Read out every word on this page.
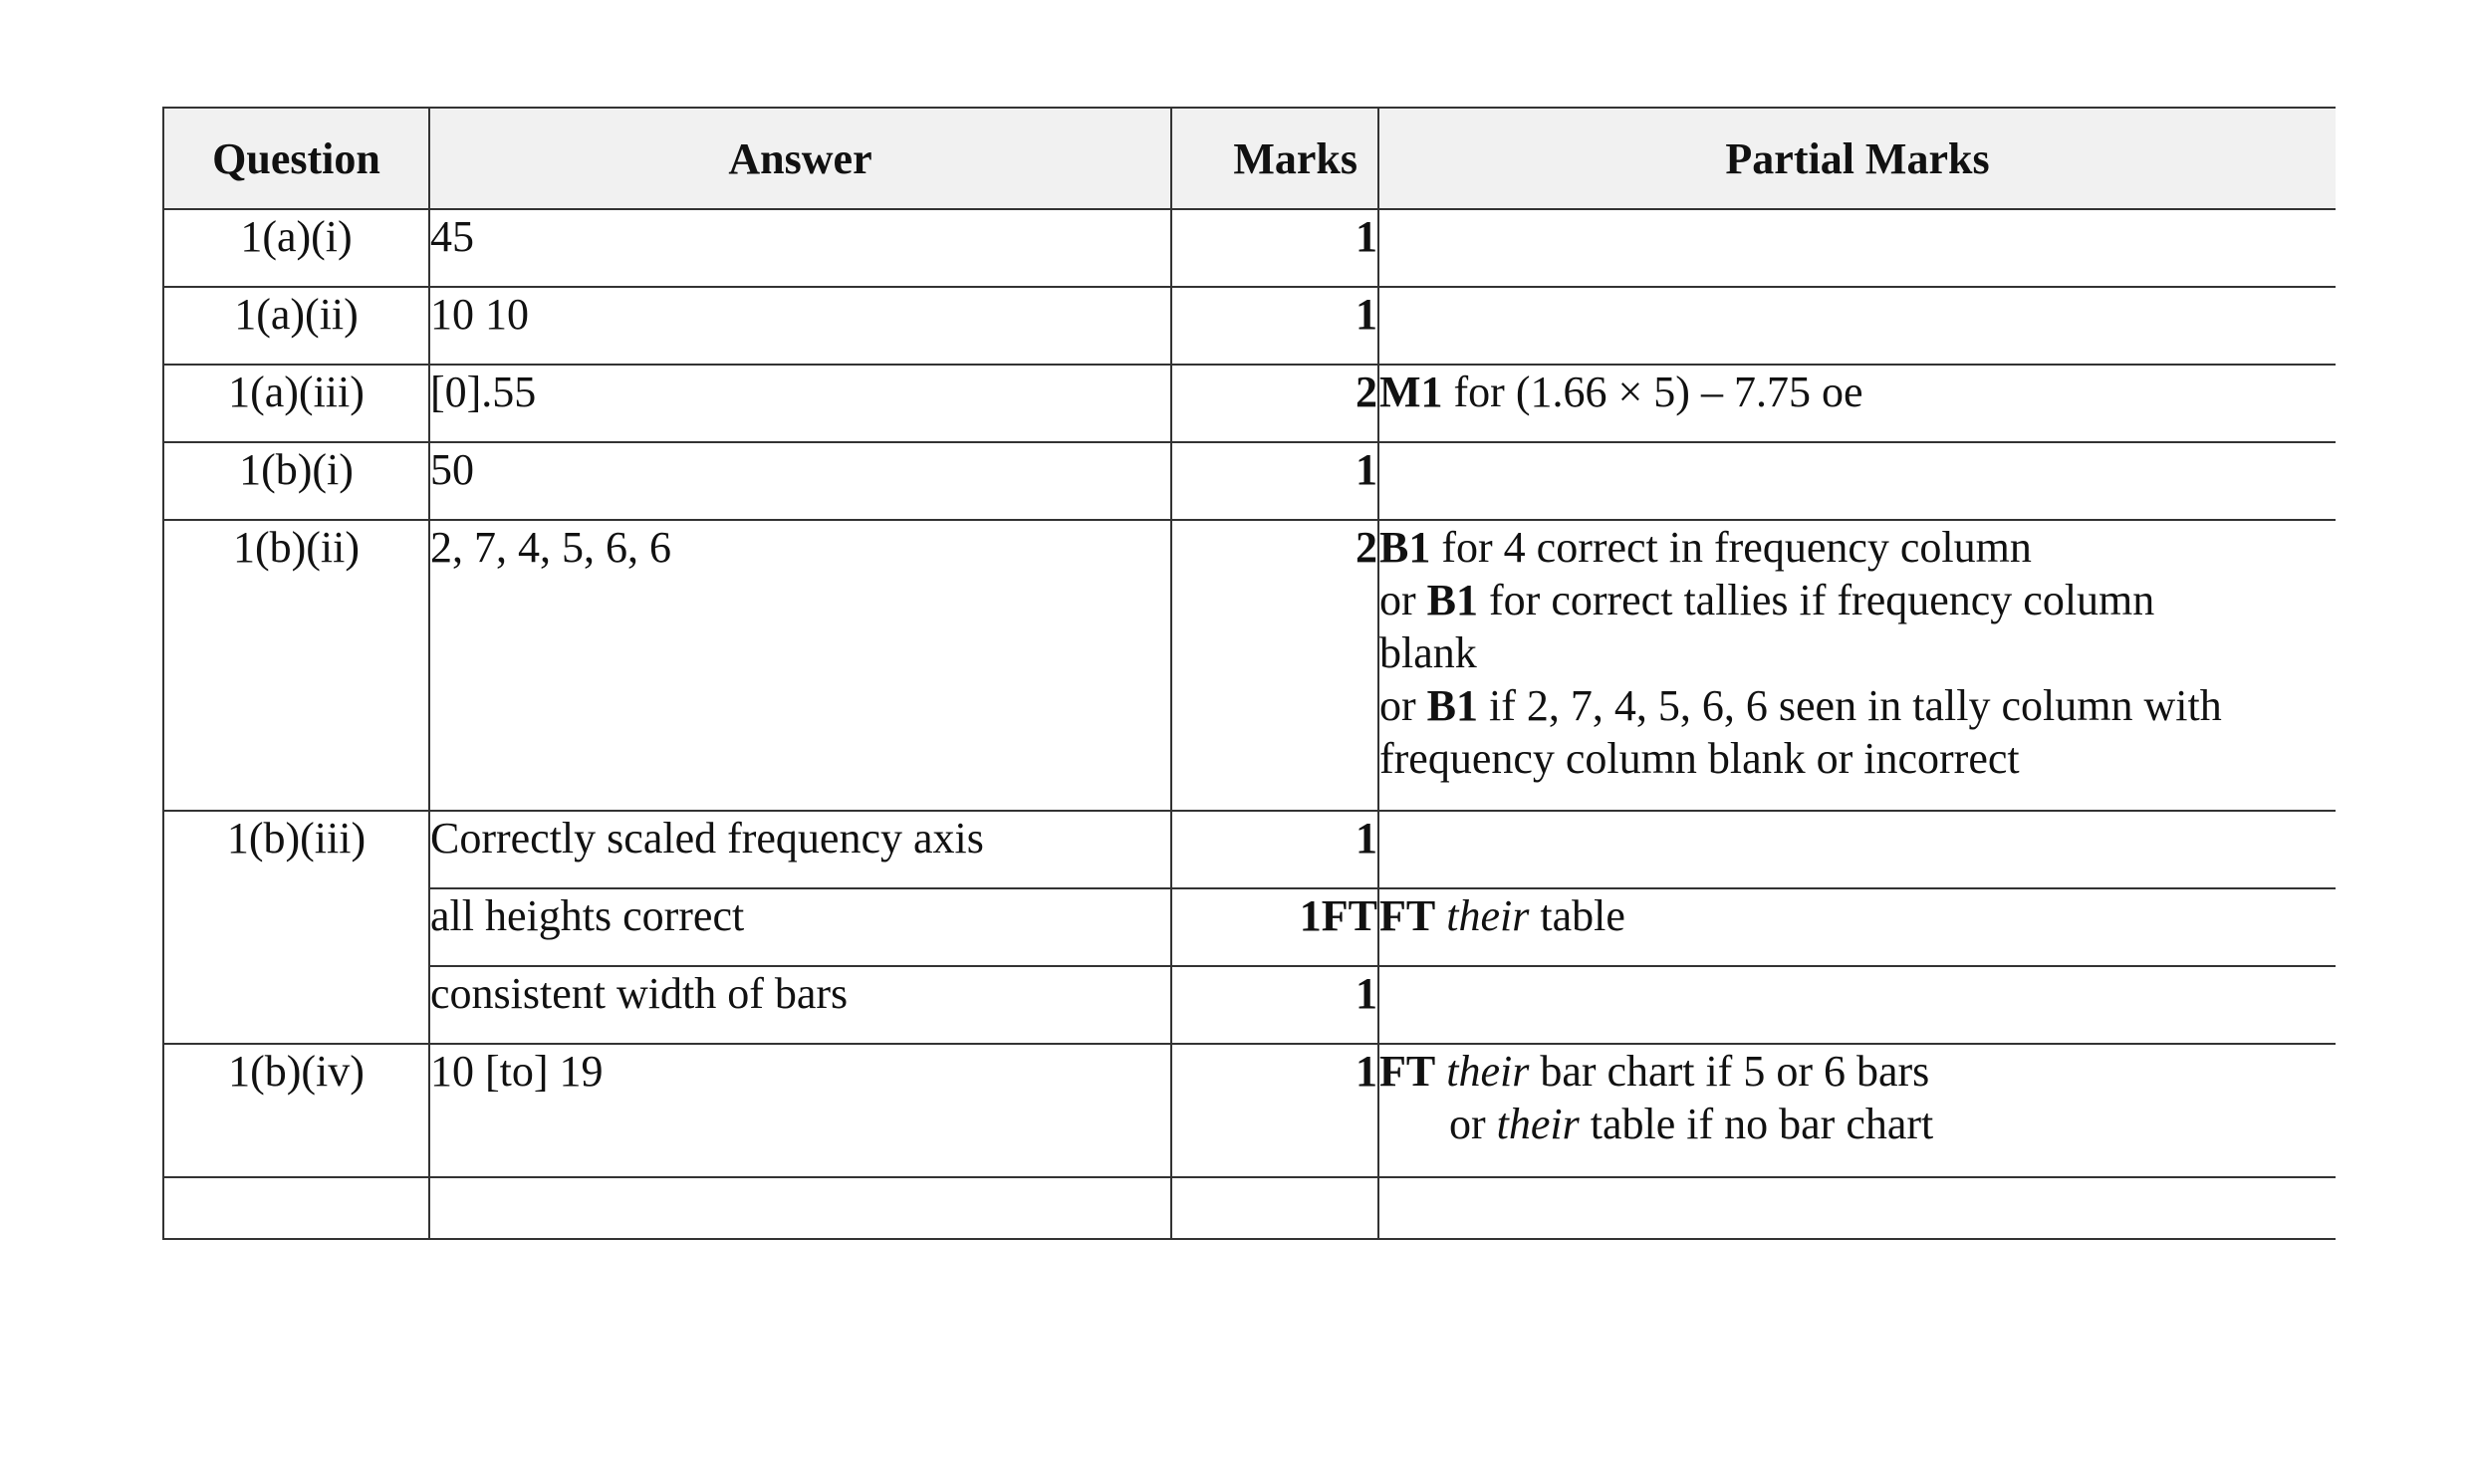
Question	Answer	Marks	Partial Marks
1(a)(i)	45	1	
1(a)(ii)	10 10	1	
1(a)(iii)	[0].55	2	M1 for (1.66 × 5) – 7.75 oe
1(b)(i)	50	1	
1(b)(ii)	2, 7, 4, 5, 6, 6	2	B1 for 4 correct in frequency column
or B1 for correct tallies if frequency column
blank
or B1 if 2, 7, 4, 5, 6, 6 seen in tally column with
frequency column blank or incorrect

1(b)(iii)	Correctly scaled frequency axis	1	
	all heights correct	1FT	FT their table
	consistent width of bars	1	
1(b)(iv)	10 [to] 19	1	FT their bar chart if 5 or 6 bars
or their table if no bar chart
